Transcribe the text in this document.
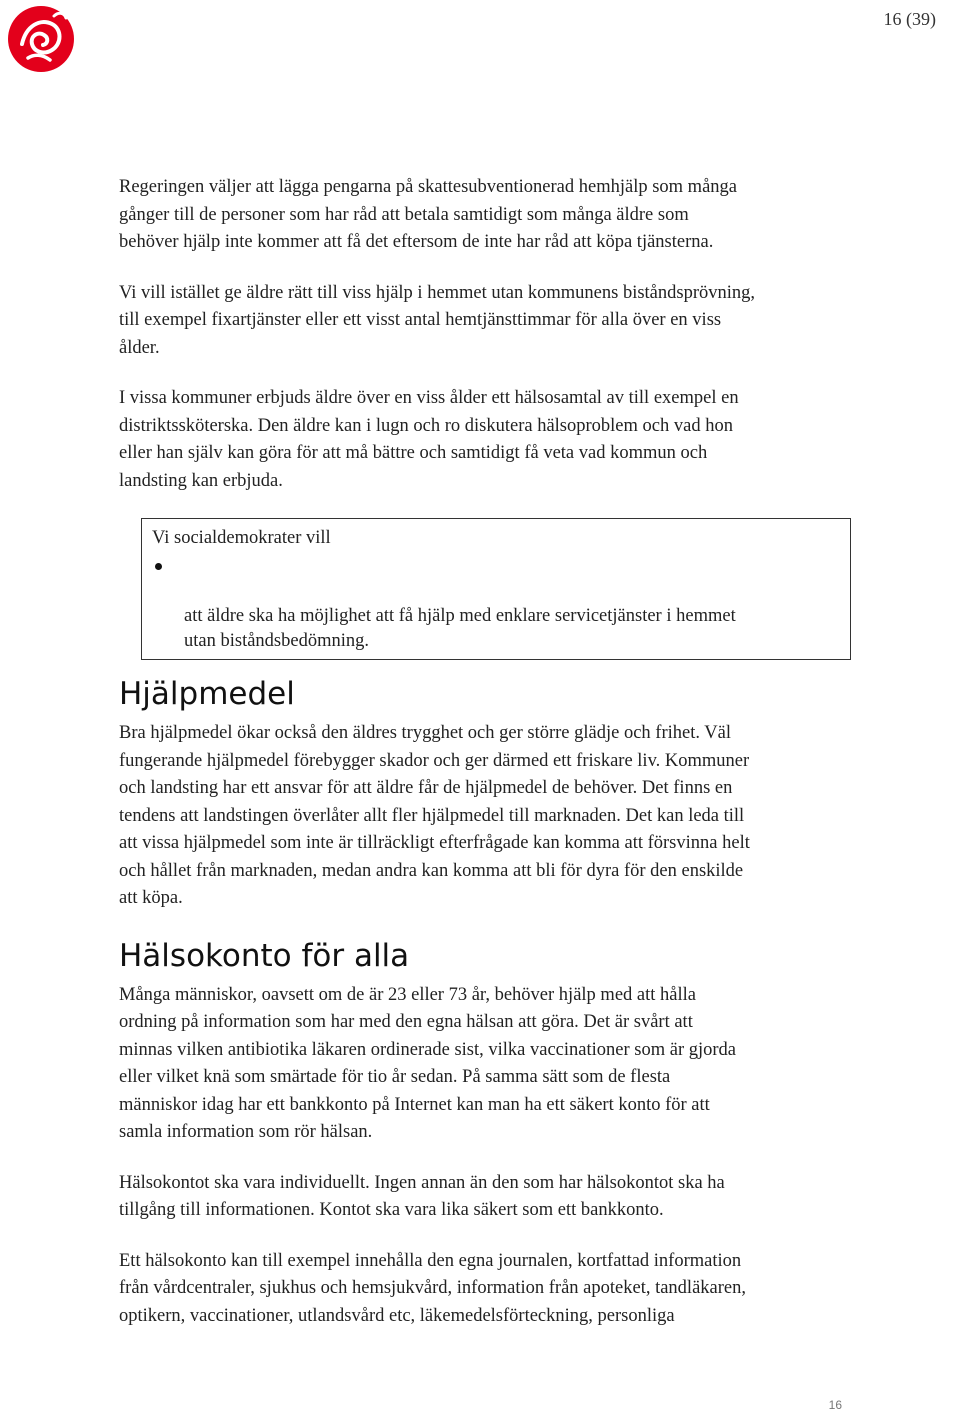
16 (39)

Regeringen väljer att lägga pengarna på skattesubventionerad hemhjälp som många
gånger till de personer som har råd att betala samtidigt som många äldre som
behöver hjälp inte kommer att få det eftersom de inte har råd att köpa tjänsterna.

Vi vill istället ge äldre rätt till viss hjälp i hemmet utan kommunens biståndsprövning,
till exempel fixartjänster eller ett visst antal hemtjänsttimmar för alla över en viss
ålder.

I vissa kommuner erbjuds äldre över en viss ålder ett hälsosamtal av till exempel en
distriktssköterska. Den äldre kan i lugn och ro diskutera hälsoproblem och vad hon
eller han själv kan göra för att må bättre och samtidigt få veta vad kommun och
landsting kan erbjuda.

Vi socialdemokrater vill

att äldre ska ha möjlighet att få hjälp med enklare servicetjänster i hemmet
utan biståndsbedömning.

Hjälpmedel

Bra hjälpmedel ökar också den äldres trygghet och ger större glädje och frihet. Väl
fungerande hjälpmedel förebygger skador och ger därmed ett friskare liv. Kommuner
och landsting har ett ansvar för att äldre får de hjälpmedel de behöver. Det finns en
tendens att landstingen överlåter allt fler hjälpmedel till marknaden. Det kan leda till
att vissa hjälpmedel som inte är tillräckligt efterfrågade kan komma att försvinna helt
och hållet från marknaden, medan andra kan komma att bli för dyra för den enskilde
att köpa.

Hälsokonto för alla

Många människor, oavsett om de är 23 eller 73 år, behöver hjälp med att hålla
ordning på information som har med den egna hälsan att göra. Det är svårt att
minnas vilken antibiotika läkaren ordinerade sist, vilka vaccinationer som är gjorda
eller vilket knä som smärtade för tio år sedan. På samma sätt som de flesta
människor idag har ett bankkonto på Internet kan man ha ett säkert konto för att
samla information som rör hälsan.

Hälsokontot ska vara individuellt. Ingen annan än den som har hälsokontot ska ha
tillgång till informationen. Kontot ska vara lika säkert som ett bankkonto.

Ett hälsokonto kan till exempel innehålla den egna journalen, kortfattad information
från vårdcentraler, sjukhus och hemsjukvård, information från apoteket, tandläkaren,
optikern, vaccinationer, utlandsvård etc, läkemedelsförteckning, personliga

16
